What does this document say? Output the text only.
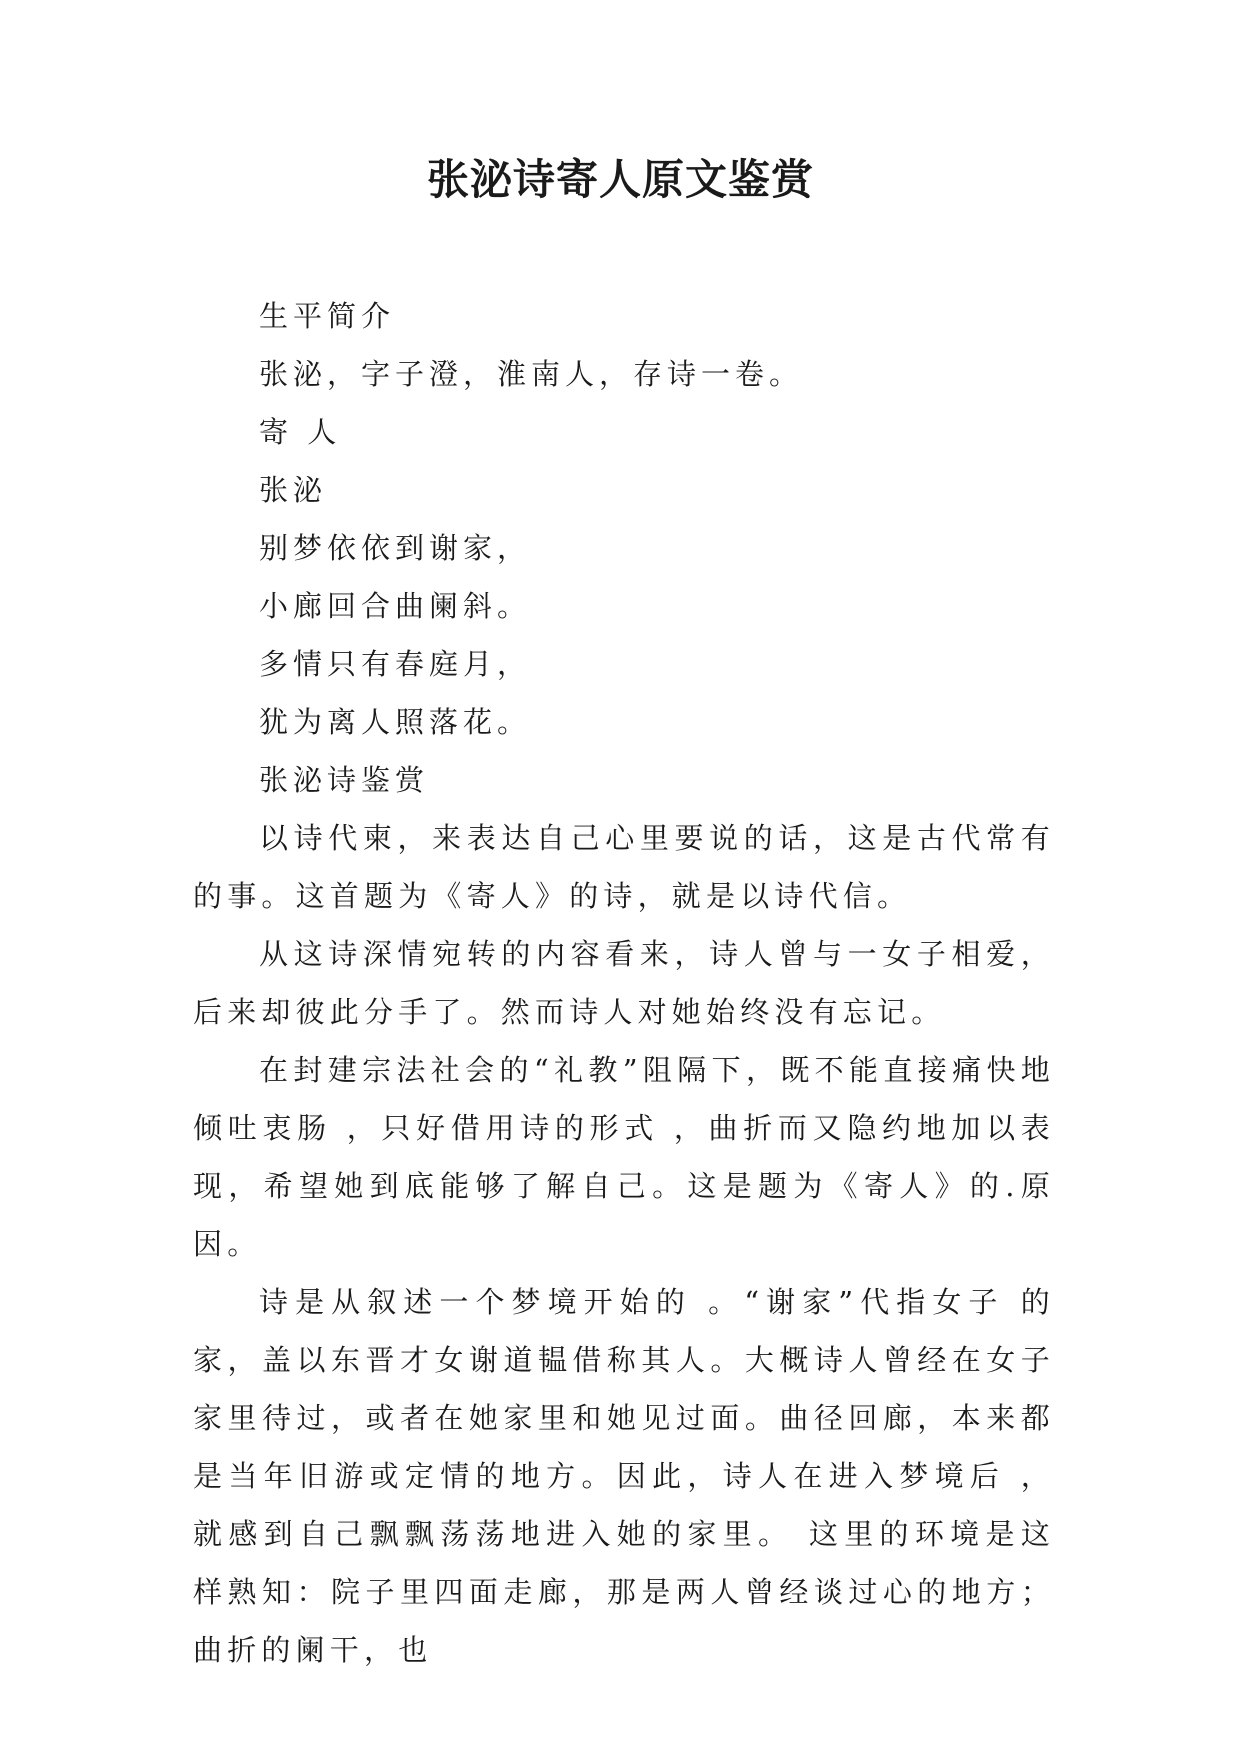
张泌诗寄人原文鉴赏

生平简介

张泌，字子澄，淮南人，存诗一卷。

寄 人

张泌

别梦依依到谢家，

小廊回合曲阑斜。

多情只有春庭月，

犹为离人照落花。

张泌诗鉴赏

以诗代柬，来表达自己心里要说的话，这是古代常有的事。这首题为《寄人》的诗，就是以诗代信。

从这诗深情宛转的内容看来，诗人曾与一女子相爱，后来却彼此分手了。然而诗人对她始终没有忘记。

在封建宗法社会的“礼教”阻隔下，既不能直接痛快地倾吐衷肠 ，只好借用诗的形式 ，曲折而又隐约地加以表现，希望她到底能够了解自己。这是题为《寄人》的.原因。

诗是从叙述一个梦境开始的 。“谢家”代指女子 的家，盖以东晋才女谢道韫借称其人。大概诗人曾经在女子家里待过，或者在她家里和她见过面。曲径回廊，本来都是当年旧游或定情的地方。因此，诗人在进入梦境后 ，就感到自己飘飘荡荡地进入她的家里。 这里的环境是这样熟知：院子里四面走廊，那是两人曾经谈过心的地方；曲折的阑干，也
